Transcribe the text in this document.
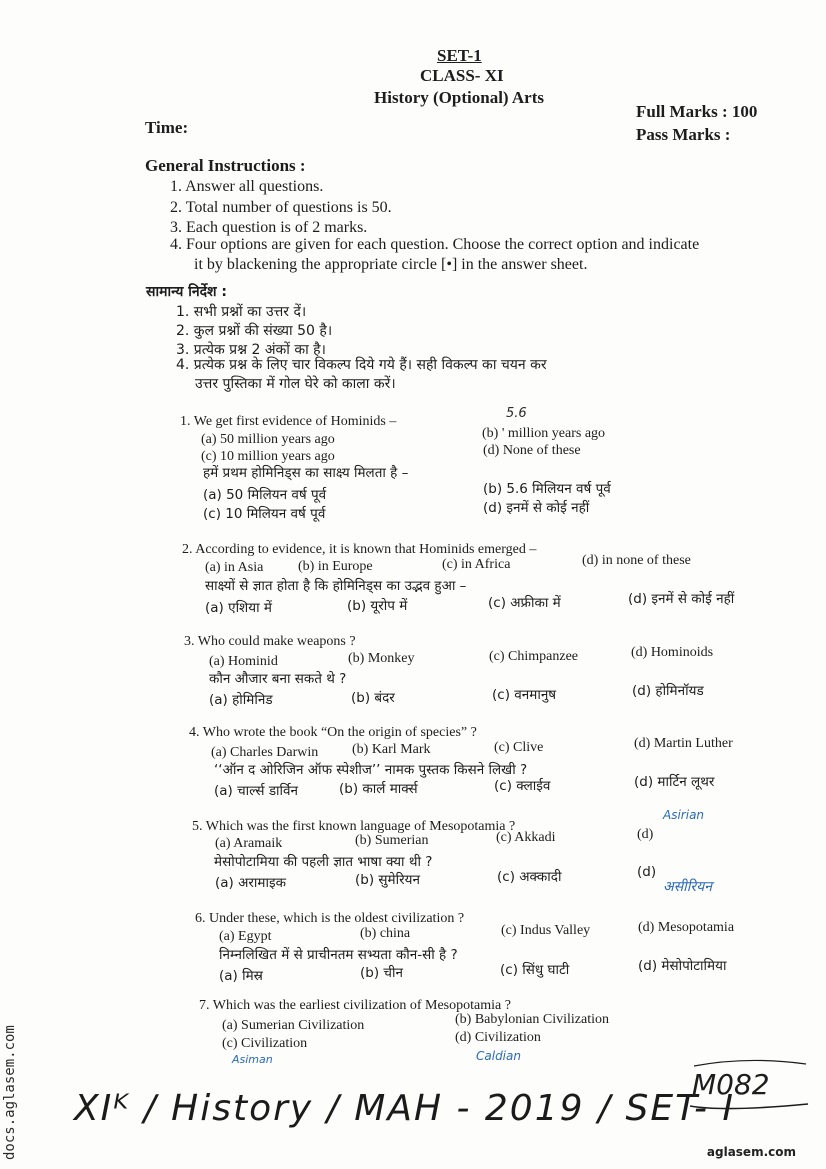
SET-1
CLASS- XI
History (Optional) Arts
Time:
Full Marks : 100
Pass Marks :
General Instructions :
1. Answer all questions.
2. Total number of questions is 50.
3. Each question is of 2 marks.
4. Four options are given for each question. Choose the correct option and indicate
it by blackening the appropriate circle [•] in the answer sheet.
सामान्य निर्देश :
1. सभी प्रश्नों का उत्तर दें।
2. कुल प्रश्नों की संख्या 50 है।
3. प्रत्येक प्रश्न 2 अंकों का है।
4. प्रत्येक प्रश्न के लिए चार विकल्प दिये गये हैं। सही विकल्प का चयन कर
उत्तर पुस्तिका में गोल घेरे को काला करें।
1. We get first evidence of Hominids –
5.6
(a) 50 million years ago	(b) ' million years ago
(c) 10 million years ago	(d) None of these
हमें प्रथम होमिनिड्स का साक्ष्य मिलता है –
(a) 50 मिलियन वर्ष पूर्व	(b) 5.6 मिलियन वर्ष पूर्व
(c) 10 मिलियन वर्ष पूर्व	(d) इनमें से कोई नहीं
2. According to evidence, it is known that Hominids emerged –
(a) in Asia (b) in Europe	(c) in Africa	(d) in none of these
साक्ष्यों से ज्ञात होता है कि होमिनिड्स का उद्भव हुआ –
(a) एशिया में	(b) यूरोप में	(c) अफ्रीका में	(d) इनमें से कोई नहीं
3. Who could make weapons ?
(a) Hominid	(b) Monkey	(c) Chimpanzee	(d) Hominoids
कौन औजार बना सकते थे ?
(a) होमिनिड	(b) बंदर	(c) वनमानुष	(d) होमिनॉयड
4. Who wrote the book “On the origin of species” ?
(a) Charles Darwin (b) Karl Mark	(c) Clive	(d) Martin Luther
‘‘ऑन द ओरिजिन ऑफ स्पेशीज’’ नामक पुस्तक किसने लिखी ?
(a) चार्ल्स डार्विन	(b) कार्ल मार्क्स	(c) क्लाईव	(d) मार्टिन लूथर
Asirian
5. Which was the first known language of Mesopotamia ?
(a) Aramaik	(b) Sumerian	(c) Akkadi	(d)
मेसोपोटामिया की पहली ज्ञात भाषा क्या थी ?
(a) अरामाइक	(b) सुमेरियन	(c) अक्कादी	(d)
असीरियन
6. Under these, which is the oldest civilization ?
(a) Egypt	(b) china	(c) Indus Valley	(d) Mesopotamia
निम्नलिखित में से प्राचीनतम सभ्यता कौन-सी है ?
(a) मिस्र	(b) चीन	(c) सिंधु घाटी	(d) मेसोपोटामिया
7. Which was the earliest civilization of Mesopotamia ?
(a) Sumerian Civilization	(b) Babylonian Civilization
(c) Civilization	(d) Civilization
Asiman	Caldian
XIᴷ / History / MAH - 2019 / SET- I
M082
docs.aglasem.com	aglasem.com
